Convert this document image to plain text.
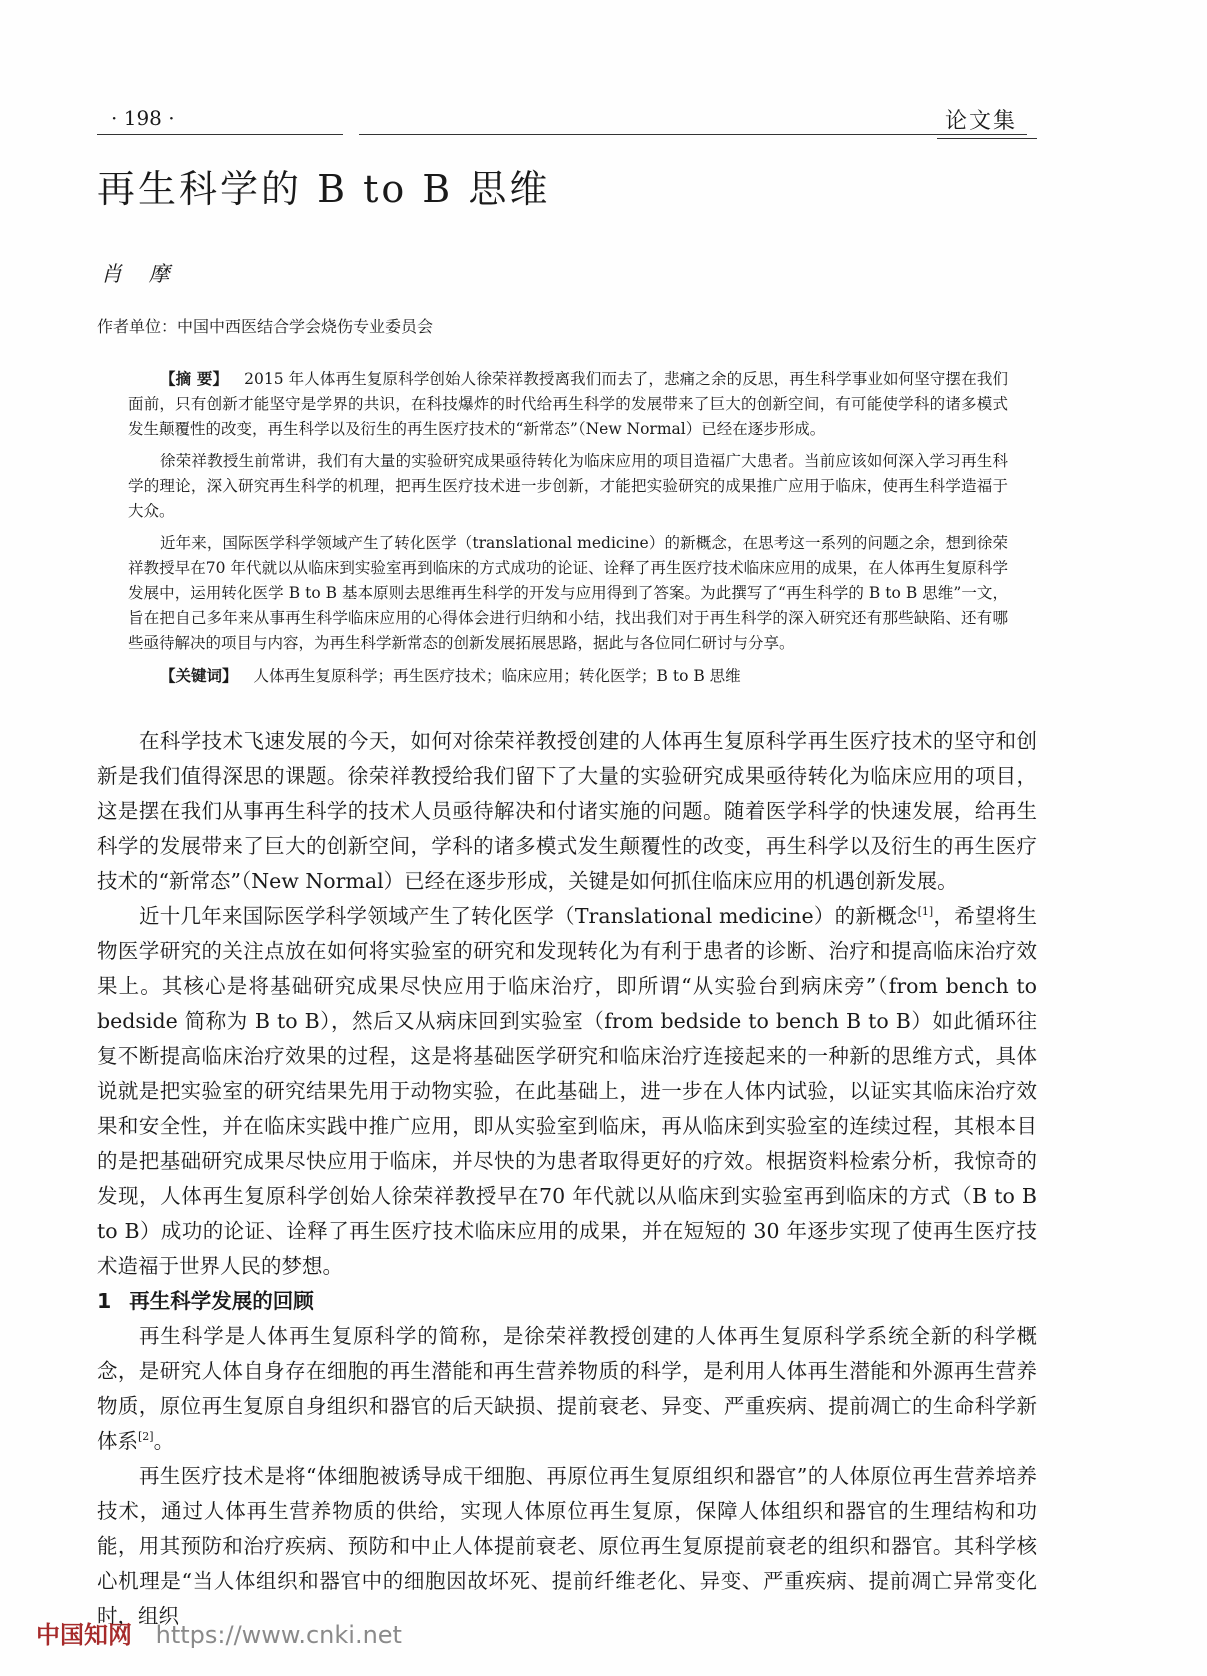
· 198 ·	论文集
再生科学的 B to B 思维
肖 摩
作者单位：中国中西医结合学会烧伤专业委员会

【摘 要】 2015 年人体再生复原科学创始人徐荣祥教授离我们而去了，悲痛之余的反思，再生科学事业如何坚守摆在我们面前，只有创新才能坚守是学界的共识，在科技爆炸的时代给再生科学的发展带来了巨大的创新空间，有可能使学科的诸多模式发生颠覆性的改变，再生科学以及衍生的再生医疗技术的“新常态”（New Normal）已经在逐步形成。

徐荣祥教授生前常讲，我们有大量的实验研究成果亟待转化为临床应用的项目造福广大患者。当前应该如何深入学习再生科学的理论，深入研究再生科学的机理，把再生医疗技术进一步创新，才能把实验研究的成果推广应用于临床，使再生科学造福于大众。

近年来，国际医学科学领域产生了转化医学（translational medicine）的新概念，在思考这一系列的问题之余，想到徐荣祥教授早在70 年代就以从临床到实验室再到临床的方式成功的论证、诠释了再生医疗技术临床应用的成果，在人体再生复原科学发展中，运用转化医学 B to B 基本原则去思维再生科学的开发与应用得到了答案。为此撰写了“再生科学的 B to B 思维”一文，旨在把自己多年来从事再生科学临床应用的心得体会进行归纳和小结，找出我们对于再生科学的深入研究还有那些缺陷、还有哪些亟待解决的项目与内容，为再生科学新常态的创新发展拓展思路，据此与各位同仁研讨与分享。

【关键词】 人体再生复原科学；再生医疗技术；临床应用；转化医学；B to B 思维

在科学技术飞速发展的今天，如何对徐荣祥教授创建的人体再生复原科学再生医疗技术的坚守和创新是我们值得深思的课题。徐荣祥教授给我们留下了大量的实验研究成果亟待转化为临床应用的项目，这是摆在我们从事再生科学的技术人员亟待解决和付诸实施的问题。随着医学科学的快速发展，给再生科学的发展带来了巨大的创新空间，学科的诸多模式发生颠覆性的改变，再生科学以及衍生的再生医疗技术的“新常态”（New Normal）已经在逐步形成，关键是如何抓住临床应用的机遇创新发展。

近十几年来国际医学科学领域产生了转化医学（Translational medicine）的新概念[1]，希望将生物医学研究的关注点放在如何将实验室的研究和发现转化为有利于患者的诊断、治疗和提高临床治疗效果上。其核心是将基础研究成果尽快应用于临床治疗，即所谓“从实验台到病床旁”（from bench to bedside 简称为 B to B），然后又从病床回到实验室（from bedside to bench B to B）如此循环往复不断提高临床治疗效果的过程，这是将基础医学研究和临床治疗连接起来的一种新的思维方式，具体说就是把实验室的研究结果先用于动物实验，在此基础上，进一步在人体内试验，以证实其临床治疗效果和安全性，并在临床实践中推广应用，即从实验室到临床，再从临床到实验室的连续过程，其根本目的是把基础研究成果尽快应用于临床，并尽快的为患者取得更好的疗效。根据资料检索分析，我惊奇的发现，人体再生复原科学创始人徐荣祥教授早在70 年代就以从临床到实验室再到临床的方式（B to B to B）成功的论证、诠释了再生医疗技术临床应用的成果，并在短短的 30 年逐步实现了使再生医疗技术造福于世界人民的梦想。

1 再生科学发展的回顾

再生科学是人体再生复原科学的简称，是徐荣祥教授创建的人体再生复原科学系统全新的科学概念，是研究人体自身存在细胞的再生潜能和再生营养物质的科学，是利用人体再生潜能和外源再生营养物质，原位再生复原自身组织和器官的后天缺损、提前衰老、异变、严重疾病、提前凋亡的生命科学新体系[2]。

再生医疗技术是将“体细胞被诱导成干细胞、再原位再生复原组织和器官”的人体原位再生营养培养技术，通过人体再生营养物质的供给，实现人体原位再生复原，保障人体组织和器官的生理结构和功能，用其预防和治疗疾病、预防和中止人体提前衰老、原位再生复原提前衰老的组织和器官。其科学核心机理是“当人体组织和器官中的细胞因故坏死、提前纤维老化、异变、严重疾病、提前凋亡异常变化时，组织

中国知网 https://www.cnki.net
